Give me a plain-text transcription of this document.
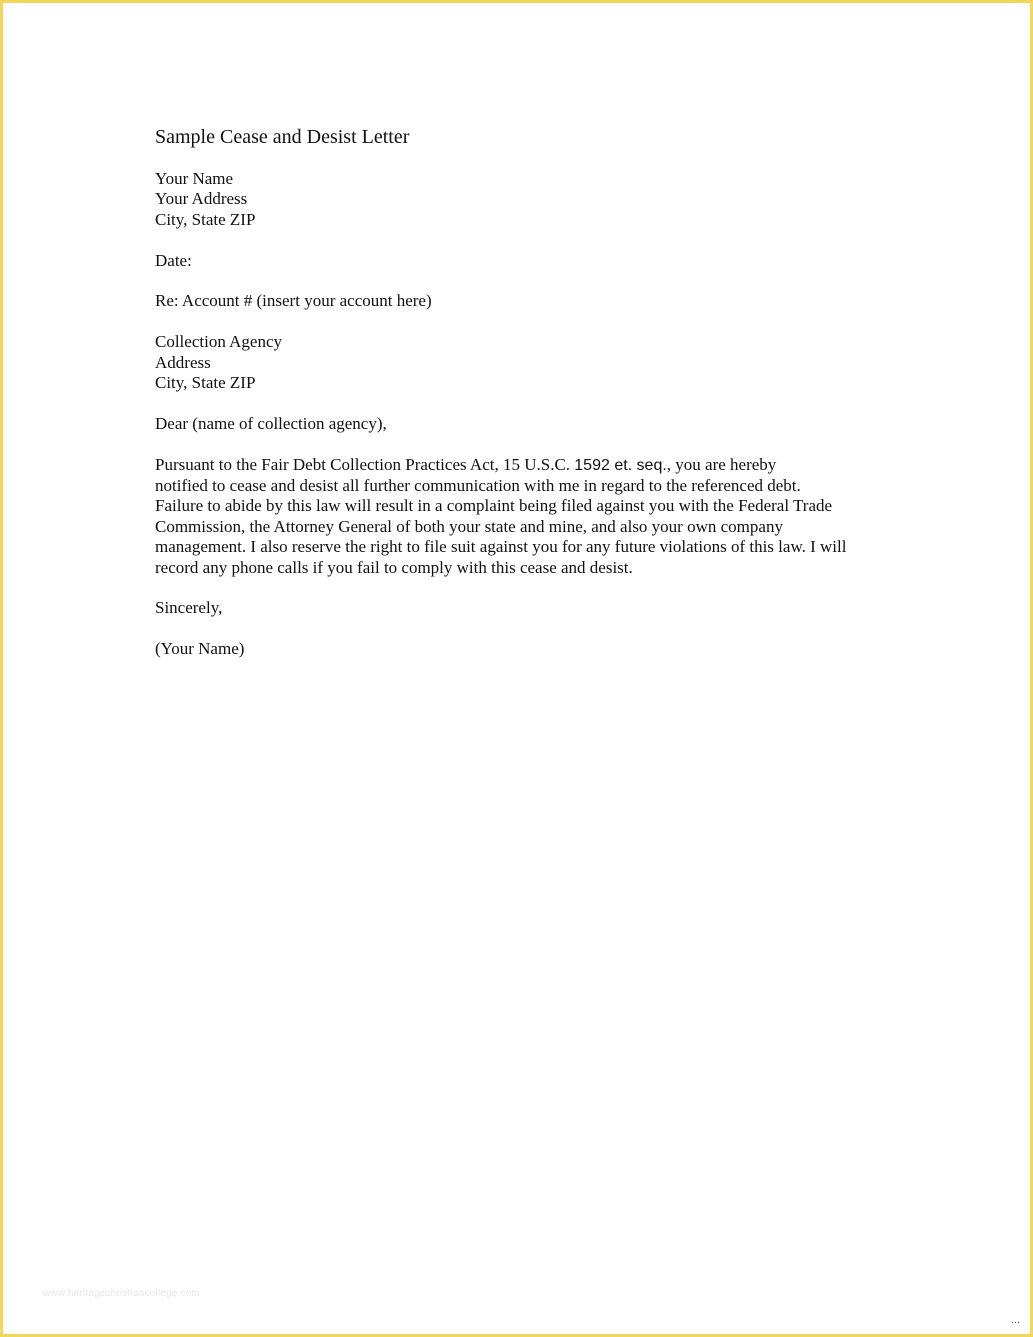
Sample Cease and Desist Letter
Your Name
Your Address
City, State ZIP
Date:
Re: Account # (insert your account here)
Collection Agency
Address
City, State ZIP
Dear (name of collection agency),
Pursuant to the Fair Debt Collection Practices Act, 15 U.S.C. 1592 et. seq., you are hereby
notified to cease and desist all further communication with me in regard to the referenced debt.
Failure to abide by this law will result in a complaint being filed against you with the Federal Trade
Commission, the Attorney General of both your state and mine, and also your own company
management. I also reserve the right to file suit against you for any future violations of this law. I will
record any phone calls if you fail to comply with this cease and desist.
Sincerely,
(Your Name)
www.heritagechristiancollege.com
...
